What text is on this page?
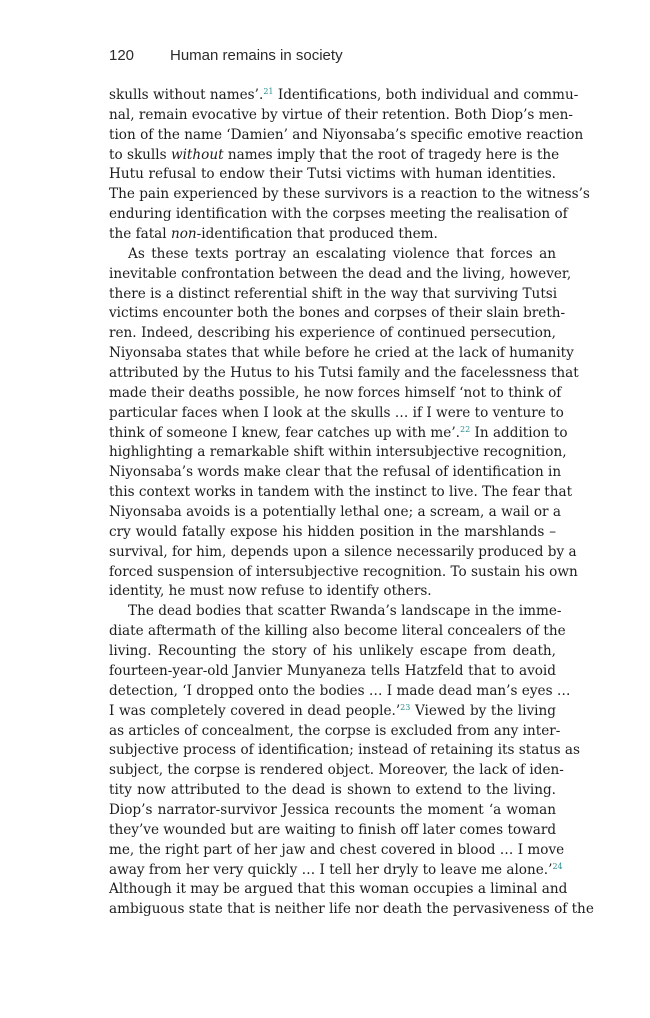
120 Human remains in society
skulls without names’.$^{21}$ Identifications, both individual and commu-
nal, remain evocative by virtue of their retention. Both Diop’s men-
tion of the name ‘Damien’ and Niyonsaba’s specific emotive reaction
to skulls without names imply that the root of tragedy here is the
Hutu refusal to endow their Tutsi victims with human identities.
The pain experienced by these survivors is a reaction to the witness’s
enduring identification with the corpses meeting the realisation of
the fatal non-identification that produced them.
As these texts portray an escalating violence that forces an
inevitable confrontation between the dead and the living, however,
there is a distinct referential shift in the way that surviving Tutsi
victims encounter both the bones and corpses of their slain breth-
ren. Indeed, describing his experience of continued persecution,
Niyonsaba states that while before he cried at the lack of humanity
attributed by the Hutus to his Tutsi family and the facelessness that
made their deaths possible, he now forces himself ‘not to think of
particular faces when I look at the skulls … if I were to venture to
think of someone I knew, fear catches up with me’.$^{22}$ In addition to
highlighting a remarkable shift within intersubjective recognition,
Niyonsaba’s words make clear that the refusal of identification in
this context works in tandem with the instinct to live. The fear that
Niyonsaba avoids is a potentially lethal one; a scream, a wail or a
cry would fatally expose his hidden position in the marshlands –
survival, for him, depends upon a silence necessarily produced by a
forced suspension of intersubjective recognition. To sustain his own
identity, he must now refuse to identify others.
The dead bodies that scatter Rwanda’s landscape in the imme-
diate aftermath of the killing also become literal concealers of the
living. Recounting the story of his unlikely escape from death,
fourteen-year-old Janvier Munyaneza tells Hatzfeld that to avoid
detection, ‘I dropped onto the bodies … I made dead man’s eyes …
I was completely covered in dead people.’$^{23}$ Viewed by the living
as articles of concealment, the corpse is excluded from any inter-
subjective process of identification; instead of retaining its status as
subject, the corpse is rendered object. Moreover, the lack of iden-
tity now attributed to the dead is shown to extend to the living.
Diop’s narrator-survivor Jessica recounts the moment ‘a woman
they’ve wounded but are waiting to finish off later comes toward
me, the right part of her jaw and chest covered in blood … I move
away from her very quickly … I tell her dryly to leave me alone.’$^{24}$
Although it may be argued that this woman occupies a liminal and
ambiguous state that is neither life nor death the pervasiveness of the
